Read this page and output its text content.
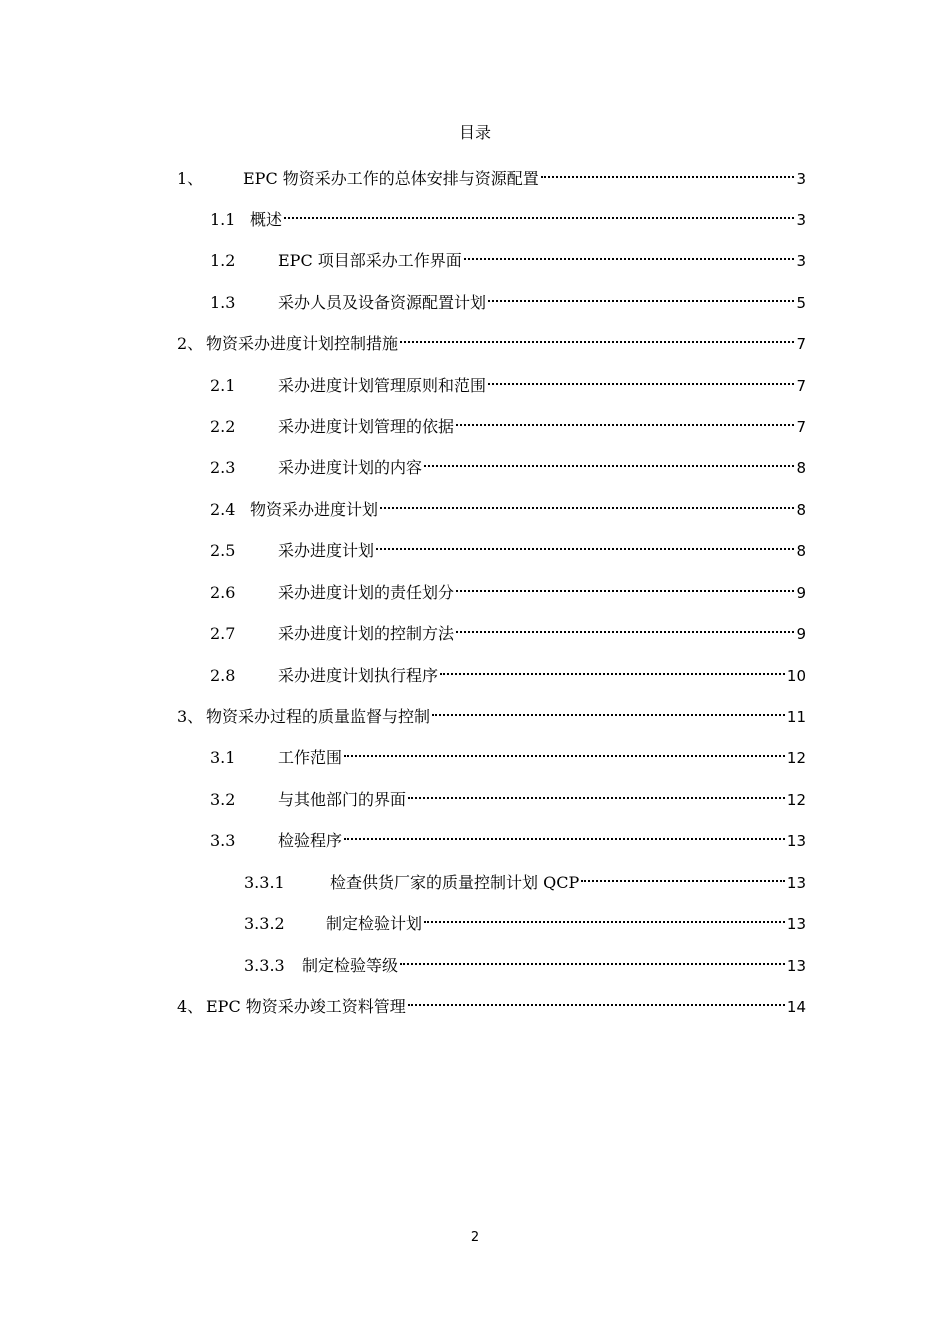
目录
1、	EPC 物资采办工作的总体安排与资源配置	3
1.1 概述	3
1.2	EPC 项目部采办工作界面	3
1.3	采办人员及设备资源配置计划	5
2、 物资采办进度计划控制措施	7
2.1	采办进度计划管理原则和范围	7
2.2	采办进度计划管理的依据	7
2.3	采办进度计划的内容	8
2.4 物资采办进度计划	8
2.5	采办进度计划	8
2.6	采办进度计划的责任划分	9
2.7	采办进度计划的控制方法	9
2.8	采办进度计划执行程序	10
3、 物资采办过程的质量监督与控制	11
3.1	工作范围	12
3.2	与其他部门的界面	12
3.3	检验程序	13
3.3.1	检查供货厂家的质量控制计划 QCP	13
3.3.2	制定检验计划	13
3.3.3	制定检验等级	13
4、 EPC 物资采办竣工资料管理	14
2
